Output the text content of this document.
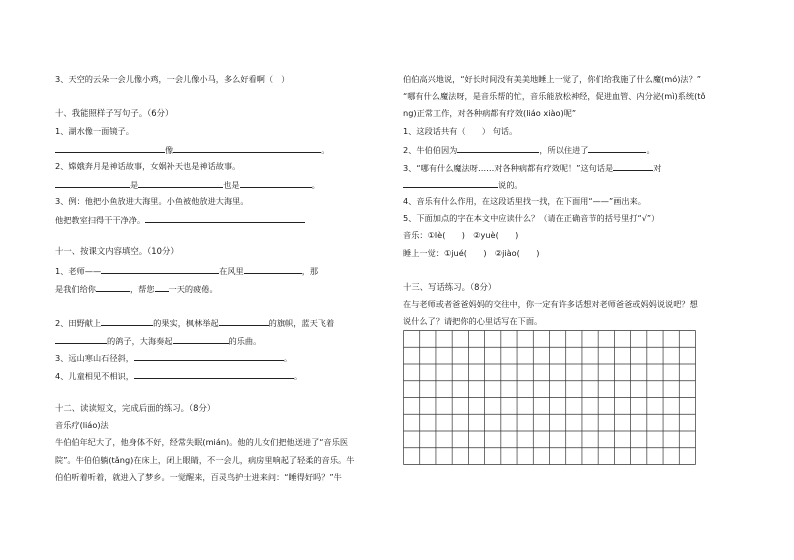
3、天空的云朵一会儿像小鸡，一会儿像小马，多么好看啊（　）
十、我能照样子写句子。（6分）
1、湖水像一面镜子。
像	。
2、嫦娥奔月是神话故事，女娲补天也是神话故事。
是	也是	。
3、例：他把小鱼放进大海里。小鱼被他放进大海里。
他把教室扫得干干净净。
十一、按课文内容填空。（10分）
1、老师——	在风里	，那
是我们给你	，帮您 一天的疲倦。
2、田野献上	的果实，枫林举起	的旗帜，蓝天飞着
的鸽子，大海奏起	的乐曲。
3、远山寒山石径斜，	。
4、儿童相见不相识，	。
十二、读读短文，完成后面的练习。（8分）
音乐疗(liáo)法
牛伯伯年纪大了，他身体不好，经常失眠(mián)。他的儿女们把他送进了“音乐医
院”。牛伯伯躺(tǎng)在床上，闭上眼睛，不一会儿，病房里响起了轻柔的音乐。牛
伯伯听着听着，就进入了梦乡。一觉醒来，百灵鸟护士进来问：“睡得好吗？”牛
伯伯高兴地说，“好长时间没有美美地睡上一觉了，你们给我施了什么魔(mó)法？”
“哪有什么魔法呀，是音乐帮的忙，音乐能放松神经，促进血管、内分泌(mì)系统(tǒ
ng)正常工作，对各种病都有疗效(liáo xiào)呢”
1、这段话共有（　　） 句话。
2、牛伯伯因为	，所以住进了	。
3、“哪有什么魔法呀……对各种病都有疗效呢！”这句话是	对
说的。
4、音乐有什么作用，在这段话里找一找，在下面用“——”画出来。
5、下面加点的字在本文中应读什么？（请在正确音节的括号里打“√”）
音乐：①lè(　　)　②yuè(　　)
睡上一觉：①jué(　　)　②jiào(　　)
十三、写话练习。（8分）
在与老师或者爸爸妈妈的交往中，你一定有许多话想对老师爸爸或妈妈说说吧？想
说什么了？请把你的心里话写在下面。
